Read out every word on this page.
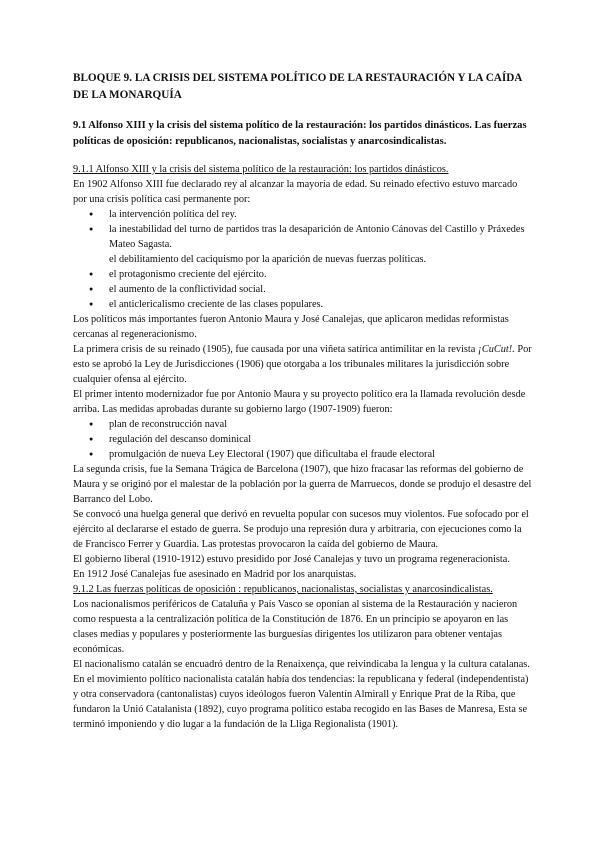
BLOQUE 9. LA CRISIS DEL SISTEMA POLÍTICO DE LA RESTAURACIÓN Y LA CAÍDA DE LA MONARQUÍA
9.1 Alfonso XIII y la crisis del sistema político de la restauración: los partidos dinásticos. Las fuerzas políticas de oposición: republicanos, nacionalistas, socialistas y anarcosindicalistas.
9.1.1 Alfonso XIII y la crisis del sistema político de la restauración: los partidos dinásticos.

En 1902 Alfonso XIII fue declarado rey al alcanzar la mayoría de edad. Su reinado efectivo estuvo marcado por una crisis política casi permanente por:

● la intervención política del rey.
● la inestabilidad del turno de partidos tras la desaparición de Antonio Cánovas del Castillo y Práxedes Mateo Sagasta.

el debilitamiento del caciquismo por la aparición de nuevas fuerzas políticas.

● el protagonismo creciente del ejército.
● el aumento de la conflictividad social.
● el anticlericalismo creciente de las clases populares.

Los políticos más importantes fueron Antonio Maura y José Canalejas, que aplicaron medidas reformistas cercanas al regeneracionismo.

La primera crisis de su reinado (1905), fue causada por una viñeta satírica antimilitar en la revista ¡CuCut!. Por esto se aprobó la Ley de Jurisdicciones (1906) que otorgaba a los tribunales militares la jurisdicción sobre cualquier ofensa al ejército.

El primer intento modernizador fue por Antonio Maura y su proyecto político era la llamada revolución desde arriba. Las medidas aprobadas durante su gobierno largo (1907-1909) fueron:

● plan de reconstrucción naval
● regulación del descanso dominical
● promulgación de nueva Ley Electoral (1907) que dificultaba el fraude electoral

La segunda crisis, fue la Semana Trágica de Barcelona (1907), que hizo fracasar las reformas del gobierno de Maura y se originó por el malestar de la población por la guerra de Marruecos, donde se produjo el desastre del Barranco del Lobo.

Se convocó una huelga general que derivó en revuelta popular con sucesos muy violentos. Fue sofocado por el ejército al declararse el estado de guerra. Se produjo una represión dura y arbitraria, con ejecuciones como la de Francisco Ferrer y Guardia. Las protestas provocaron la caída del gobierno de Maura.

El gobierno liberal (1910-1912) estuvo presidido por José Canalejas y tuvo un programa regeneracionista.

En 1912 José Canalejas fue asesinado en Madrid por los anarquistas.

9.1.2 Las fuerzas políticas de oposición : republicanos, nacionalistas, socialistas y anarcosindicalistas.

Los nacionalismos periféricos de Cataluña y País Vasco se oponían al sistema de la Restauración y nacieron como respuesta a la centralización política de la Constitución de 1876. En un principio se apoyaron en las clases medias y populares y posteriormente las burguesías dirigentes los utilizaron para obtener ventajas económicas.

El nacionalismo catalán se encuadró dentro de la Renaixença, que reivindicaba la lengua y la cultura catalanas. En el movimiento político nacionalista catalán había dos tendencias: la republicana y federal (independentista) y otra conservadora (cantonalistas) cuyos ideólogos fueron Valentín Almirall y Enrique Prat de la Riba, que fundaron la Unió Catalanista (1892), cuyo programa político estaba recogido en las Bases de Manresa, Esta se terminó imponiendo y dio lugar a la fundación de la Lliga Regionalista (1901).
